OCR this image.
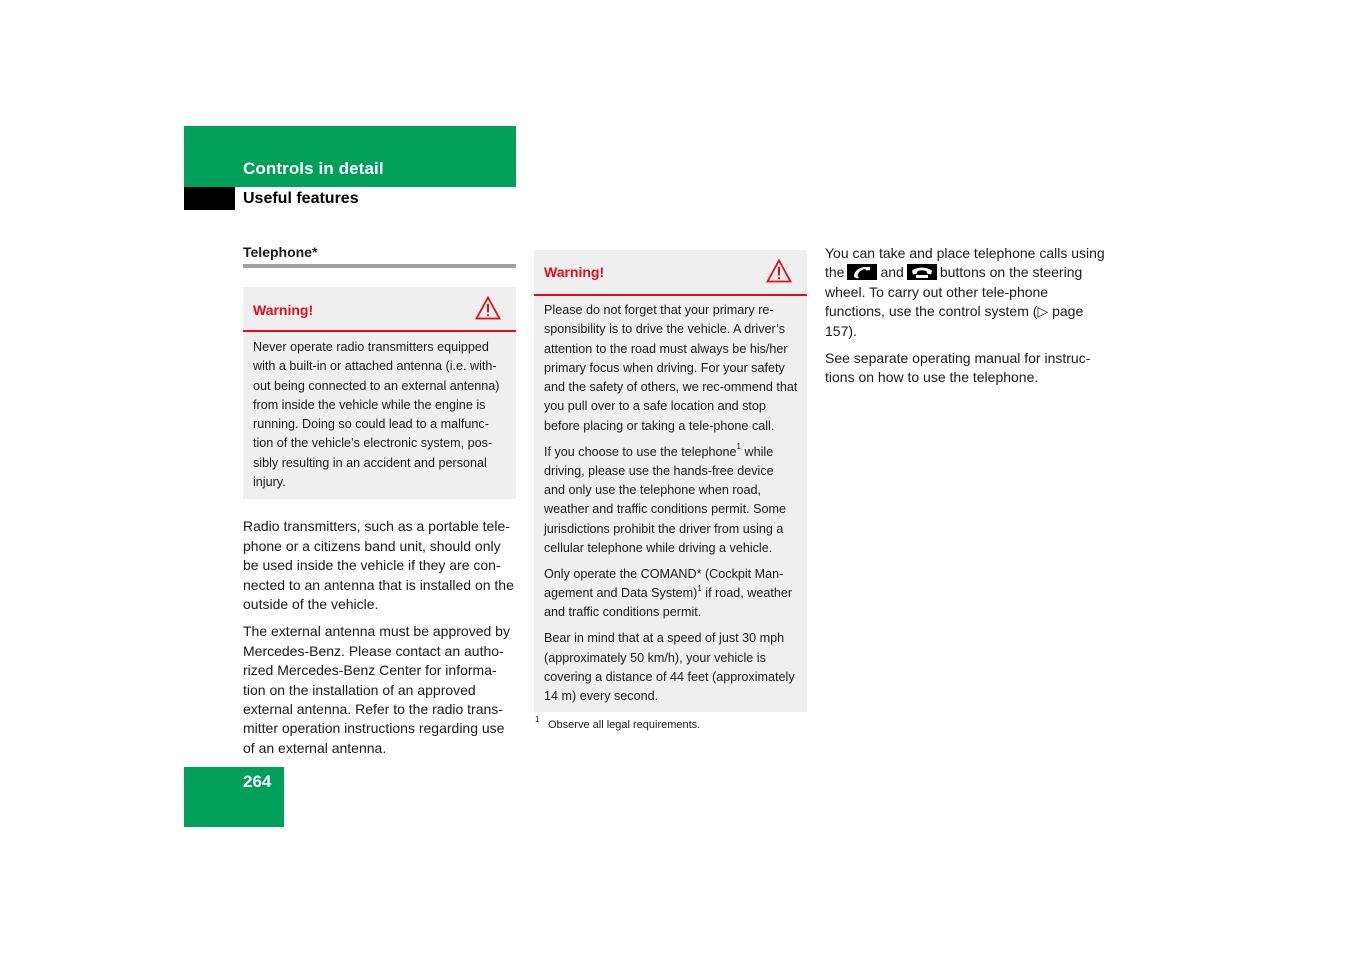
Controls in detail
Useful features
Telephone*
Warning!

Never operate radio transmitters equipped with a built-in or attached antenna (i.e. with-out being connected to an external antenna) from inside the vehicle while the engine is running. Doing so could lead to a malfunc-tion of the vehicle’s electronic system, pos-sibly resulting in an accident and personal injury.

Radio transmitters, such as a portable tele-phone or a citizens band unit, should only be used inside the vehicle if they are con-nected to an antenna that is installed on the outside of the vehicle.

The external antenna must be approved by Mercedes-Benz. Please contact an autho-rized Mercedes-Benz Center for informa-tion on the installation of an approved external antenna. Refer to the radio trans-mitter operation instructions regarding use of an external antenna.

Warning!

Please do not forget that your primary re-sponsibility is to drive the vehicle. A driver’s attention to the road must always be his/her primary focus when driving. For your safety and the safety of others, we rec-ommend that you pull over to a safe location and stop before placing or taking a tele-phone call.

If you choose to use the telephone$^1$ while driving, please use the hands-free device and only use the telephone when road, weather and traffic conditions permit. Some jurisdictions prohibit the driver from using a cellular telephone while driving a vehicle.

Only operate the COMAND* (Cockpit Man-agement and Data System)$^1$ if road, weather and traffic conditions permit.

Bear in mind that at a speed of just 30 mph (approximately 50 km/h), your vehicle is covering a distance of 44 feet (approximately 14 m) every second.

1 Observe all legal requirements.

You can take and place telephone calls using the	and	buttons on the steering wheel. To carry out other tele-phone functions, use the control system (▷ page 157).

See separate operating manual for instruc-tions on how to use the telephone.

264
